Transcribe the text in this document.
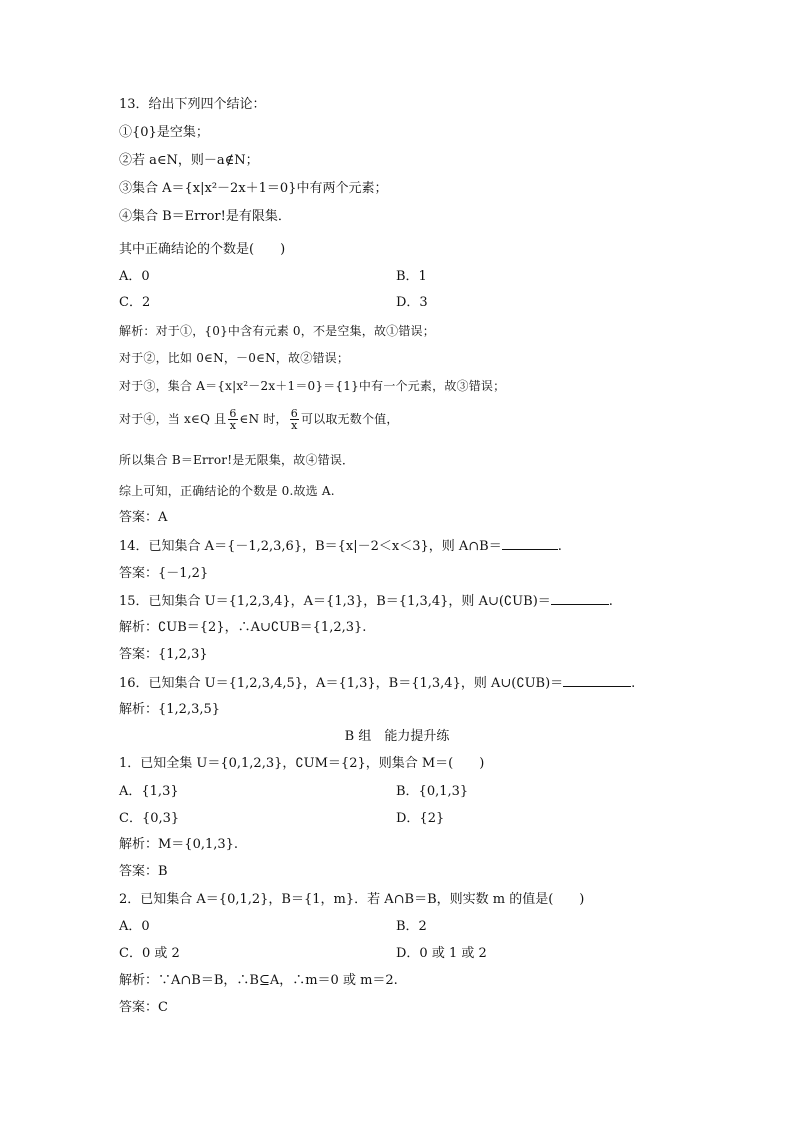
13．给出下列四个结论：
①{0}是空集；
②若 a∈N，则－a∉N；
③集合 A＝{x|x²－2x＋1＝0}中有两个元素；
④集合 B＝Error!是有限集．
其中正确结论的个数是(　　)
A．0	B．1
C．2	D．3
解析：对于①，{0}中含有元素 0，不是空集，故①错误；
对于②，比如 0∈N，－0∈N，故②错误；
对于③，集合 A＝{x|x²－2x＋1＝0}＝{1}中有一个元素，故③错误；
对于④，当 x∈Q 且 $\frac{6}{x}$ ∈N 时， $\frac{6}{x}$ 可以取无数个值，
所以集合 B＝Error!是无限集，故④错误．
综上可知，正确结论的个数是 0.故选 A.
答案：A
14．已知集合 A＝{－1,2,3,6}，B＝{x|－2＜x＜3}，则 A∩B＝	.
答案：{－1,2}
15．已知集合 U＝{1,2,3,4}，A＝{1,3}，B＝{1,3,4}，则 A∪(∁UB)＝	.
解析：∁UB＝{2}，∴A∪∁UB＝{1,2,3}.
答案：{1,2,3}
16．已知集合 U＝{1,2,3,4,5}，A＝{1,3}，B＝{1,3,4}，则 A∪(∁UB)＝	.
解析：{1,2,3,5}
B 组　能力提升练
1．已知全集 U＝{0,1,2,3}，∁UM＝{2}，则集合 M＝(　　)
A．{1,3}	B．{0,1,3}
C．{0,3}	D．{2}
解析：M＝{0,1,3}.
答案：B
2．已知集合 A＝{0,1,2}，B＝{1，m}．若 A∩B＝B，则实数 m 的值是(　　)
A．0	B．2
C．0 或 2	D．0 或 1 或 2
解析：∵A∩B＝B，∴B⊆A，∴m＝0 或 m＝2.
答案：C
